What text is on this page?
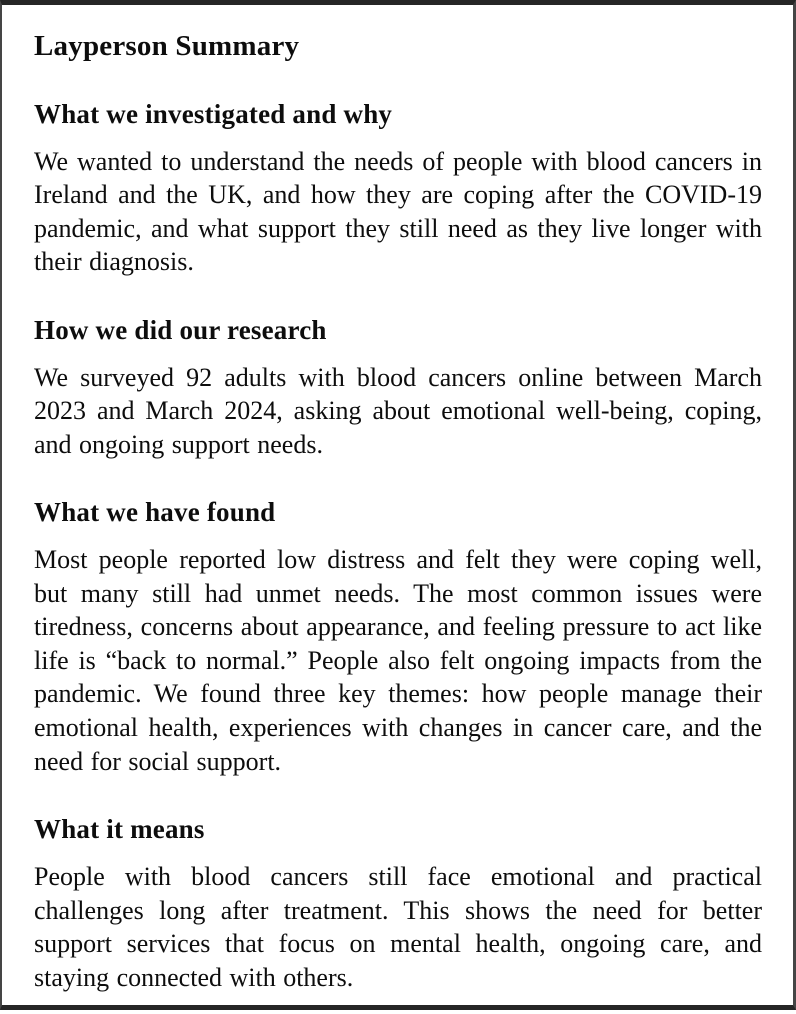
Layperson Summary
What we investigated and why

We wanted to understand the needs of people with blood cancers in Ireland and the UK, and how they are coping after the COVID-19 pandemic, and what support they still need as they live longer with their diagnosis.

How we did our research

We surveyed 92 adults with blood cancers online between March 2023 and March 2024, asking about emotional well-being, coping, and ongoing support needs.

What we have found

Most people reported low distress and felt they were coping well, but many still had unmet needs. The most common issues were tiredness, concerns about appearance, and feeling pressure to act like life is “back to normal.” People also felt ongoing impacts from the pandemic. We found three key themes: how people manage their emotional health, experiences with changes in cancer care, and the need for social support.

What it means

People with blood cancers still face emotional and practical challenges long after treatment. This shows the need for better support services that focus on mental health, ongoing care, and staying connected with others.
